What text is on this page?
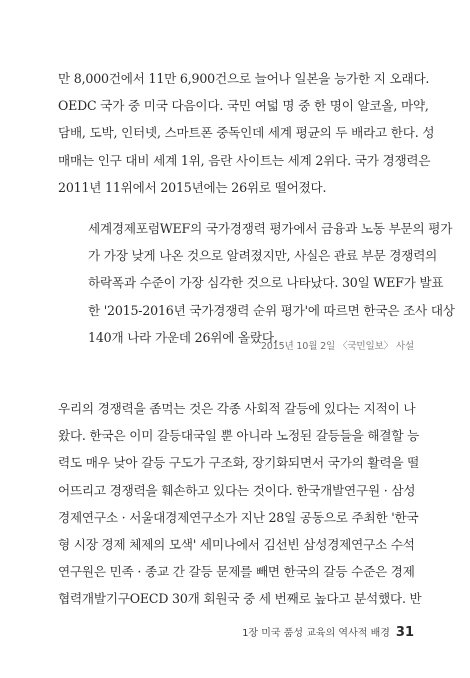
만 8,000건에서 11만 6,900건으로 늘어나 일본을 능가한 지 오래다.
OEDC 국가 중 미국 다음이다. 국민 여덟 명 중 한 명이 알코올, 마약,
담배, 도박, 인터넷, 스마트폰 중독인데 세계 평균의 두 배라고 한다. 성
매매는 인구 대비 세계 1위, 음란 사이트는 세계 2위다. 국가 경쟁력은
2011년 11위에서 2015년에는 26위로 떨어졌다.
세계경제포럼WEF의 국가경쟁력 평가에서 금융과 노동 부문의 평가
가 가장 낮게 나온 것으로 알려졌지만, 사실은 관료 부문 경쟁력의
하락폭과 수준이 가장 심각한 것으로 나타났다. 30일 WEF가 발표
한 '2015-2016년 국가경쟁력 순위 평가'에 따르면 한국은 조사 대상
140개 나라 가운데 26위에 올랐다.
2015년 10월 2일 〈국민일보〉 사설
우리의 경쟁력을 좀먹는 것은 각종 사회적 갈등에 있다는 지적이 나
왔다. 한국은 이미 갈등대국일 뿐 아니라 노정된 갈등들을 해결할 능
력도 매우 낮아 갈등 구도가 구조화, 장기화되면서 국가의 활력을 떨
어뜨리고 경쟁력을 훼손하고 있다는 것이다. 한국개발연구원 · 삼성
경제연구소 · 서울대경제연구소가 지난 28일 공동으로 주최한 '한국
형 시장 경제 체제의 모색' 세미나에서 김선빈 삼성경제연구소 수석
연구원은 민족 · 종교 간 갈등 문제를 빼면 한국의 갈등 수준은 경제
협력개발기구OECD 30개 회원국 중 세 번째로 높다고 분석했다. 반
1장 미국 품성 교육의 역사적 배경 31
